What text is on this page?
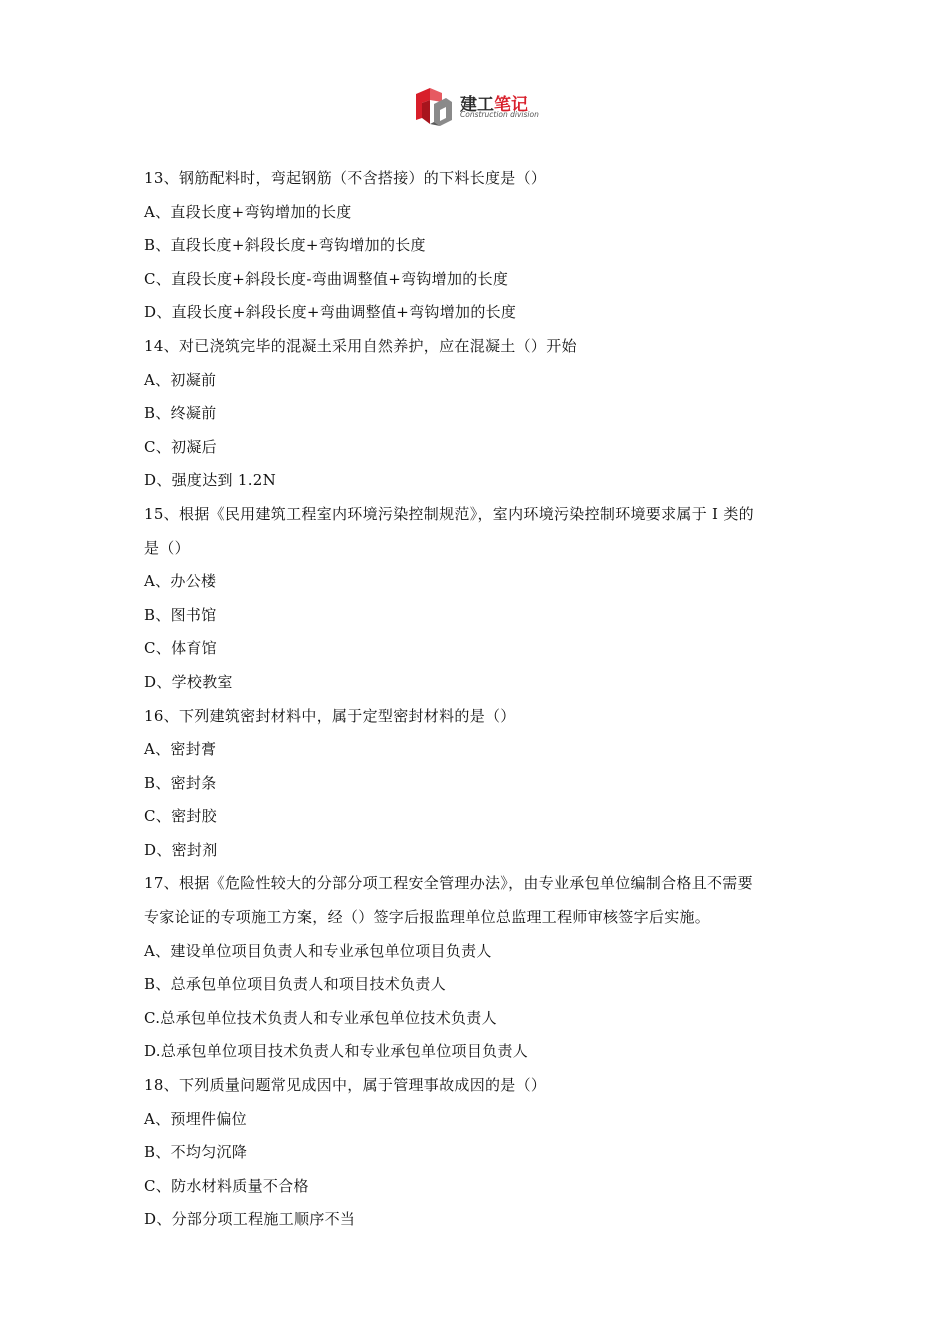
建工笔记
Construction division
13、钢筋配料时，弯起钢筋（不含搭接）的下料长度是（）
A、直段长度+弯钩增加的长度
B、直段长度+斜段长度+弯钩增加的长度
C、直段长度+斜段长度-弯曲调整值+弯钩增加的长度
D、直段长度+斜段长度+弯曲调整值+弯钩增加的长度
14、对已浇筑完毕的混凝土采用自然养护，应在混凝土（）开始
A、初凝前
B、终凝前
C、初凝后
D、强度达到 1.2N
15、根据《民用建筑工程室内环境污染控制规范》，室内环境污染控制环境要求属于 I 类的
是（）
A、办公楼
B、图书馆
C、体育馆
D、学校教室
16、下列建筑密封材料中，属于定型密封材料的是（）
A、密封膏
B、密封条
C、密封胶
D、密封剂
17、根据《危险性较大的分部分项工程安全管理办法》，由专业承包单位编制合格且不需要
专家论证的专项施工方案，经（）签字后报监理单位总监理工程师审核签字后实施。
A、建设单位项目负责人和专业承包单位项目负责人
B、总承包单位项目负责人和项目技术负责人
C.总承包单位技术负责人和专业承包单位技术负责人
D.总承包单位项目技术负责人和专业承包单位项目负责人
18、下列质量问题常见成因中，属于管理事故成因的是（）
A、预埋件偏位
B、不均匀沉降
C、防水材料质量不合格
D、分部分项工程施工顺序不当
